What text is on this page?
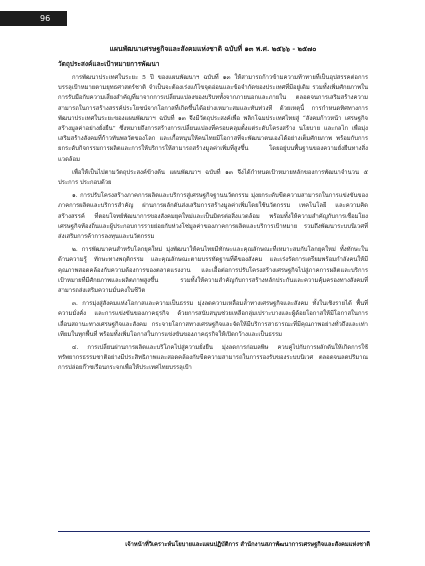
96
แผนพัฒนาเศรษฐกิจและสังคมแห่งชาติ ฉบับที่ ๑๓ พ.ศ. ๒๕๖๖ - ๒๕๗๐
วัตถุประสงค์และเป้าหมายการพัฒนา

การพัฒนาประเทศในระยะ 5 ปี ของแผนพัฒนาฯ ฉบับที่ ๑๓ ให้สามารถก้าวข้ามความท้าทายที่เป็นอุปสรรคต่อการบรรลุเป้าหมายตามยุทธศาสตร์ชาติ จำเป็นจะต้องเร่งแก้ไขจุดอ่อนและข้อจำกัดของประเทศที่มีอยู่เดิม รวมทั้งเพิ่มศักยภาพในการรับมือกับความเสี่ยงสำคัญที่มาจากการเปลี่ยนแปลงของบริบททั้งจากภายนอกและภายใน ตลอดจนการเสริมสร้างความสามารถในการสร้างสรรค์ประโยชน์จากโอกาสที่เกิดขึ้นได้อย่างเหมาะสมและทันท่วงที ด้วยเหตุนี้ การกำหนดทิศทางการพัฒนาประเทศในระยะของแผนพัฒนาฯ ฉบับที่ ๑๓ จึงมีวัตถุประสงค์เพื่อ พลิกโฉมประเทศไทยสู่ “สังคมก้าวหน้า เศรษฐกิจสร้างมูลค่าอย่างยั่งยืน” ซึ่งหมายถึงการสร้างการเปลี่ยนแปลงที่ครอบคลุมตั้งแต่ระดับโครงสร้าง นโยบาย และกลไก เพื่อมุ่งเสริมสร้างสังคมที่ก้าวทันพลวัตของโลก และเกื้อหนุนให้คนไทยมีโอกาสที่จะพัฒนาตนเองได้อย่างเต็มศักยภาพ พร้อมกับการยกระดับกิจกรรมการผลิตและการให้บริการให้สามารถสร้างมูลค่าเพิ่มที่สูงขึ้น โดยอยู่บนพื้นฐานของความยั่งยืนทางสิ่งแวดล้อม

เพื่อให้เป็นไปตามวัตถุประสงค์ข้างต้น แผนพัฒนาฯ ฉบับที่ ๑๓ จึงได้กำหนดเป้าหมายหลักของการพัฒนาจำนวน ๕ ประการ ประกอบด้วย

๑. การปรับโครงสร้างภาคการผลิตและบริการสู่เศรษฐกิจฐานนวัตกรรม มุ่งยกระดับขีดความสามารถในการแข่งขันของภาคการผลิตและบริการสำคัญ ผ่านการผลักดันส่งเสริมการสร้างมูลค่าเพิ่มโดยใช้นวัตกรรม เทคโนโลยี และความคิดสร้างสรรค์ ที่ตอบโจทย์พัฒนาการของสังคมยุคใหม่และเป็นมิตรต่อสิ่งแวดล้อม พร้อมทั้งให้ความสำคัญกับการเชื่อมโยงเศรษฐกิจท้องถิ่นและผู้ประกอบการรายย่อยกับห่วงโซ่มูลค่าของภาคการผลิตและบริการเป้าหมาย รวมถึงพัฒนาระบบนิเวศที่ส่งเสริมการค้าการลงทุนและนวัตกรรม

๒. การพัฒนาคนสำหรับโลกยุคใหม่ มุ่งพัฒนาให้คนไทยมีทักษะและคุณลักษณะที่เหมาะสมกับโลกยุคใหม่ ทั้งทักษะในด้านความรู้ ทักษะทางพฤติกรรม และคุณลักษณะตามบรรทัดฐานที่ดีของสังคม และเร่งรัดการเตรียมพร้อมกำลังคนให้มีคุณภาพสอดคล้องกับความต้องการของตลาดแรงงาน และเอื้อต่อการปรับโครงสร้างเศรษฐกิจไปสู่ภาคการผลิตและบริการเป้าหมายที่มีศักยภาพและผลิตภาพสูงขึ้น รวมทั้งให้ความสำคัญกับการสร้างหลักประกันและความคุ้มครองทางสังคมที่สามารถส่งเสริมความมั่นคงในชีวิต

๓. การมุ่งสู่สังคมแห่งโอกาสและความเป็นธรรม มุ่งลดความเหลื่อมล้ำทางเศรษฐกิจและสังคม ทั้งในเชิงรายได้ พื้นที่ ความมั่งคั่ง และการแข่งขันของภาคธุรกิจ ด้วยการสนับสนุนช่วยเหลือกลุ่มเปราะบางและผู้ด้อยโอกาสให้มีโอกาสในการเลื่อนสถานะทางเศรษฐกิจและสังคม กระจายโอกาสทางเศรษฐกิจและจัดให้มีบริการสาธารณะที่มีคุณภาพอย่างทั่วถึงและเท่าเทียมในทุกพื้นที่ พร้อมทั้งเพิ่มโอกาสในการแข่งขันของภาคธุรกิจให้เปิดกว้างและเป็นธรรม

๔. การเปลี่ยนผ่านการผลิตและบริโภคไปสู่ความยั่งยืน มุ่งลดการก่อมลพิษ ควบคู่ไปกับการผลักดันให้เกิดการใช้ทรัพยากรธรรมชาติอย่างมีประสิทธิภาพและสอดคล้องกับขีดความสามารถในการรองรับของระบบนิเวศ ตลอดจนลดปริมาณการปล่อยก๊าซเรือนกระจกเพื่อให้ประเทศไทยบรรลุเป้า

เจ้าหน้าที่วิเคราะห์นโยบายและแผนปฏิบัติการ สำนักงานสภาพัฒนาการเศรษฐกิจและสังคมแห่งชาติ
